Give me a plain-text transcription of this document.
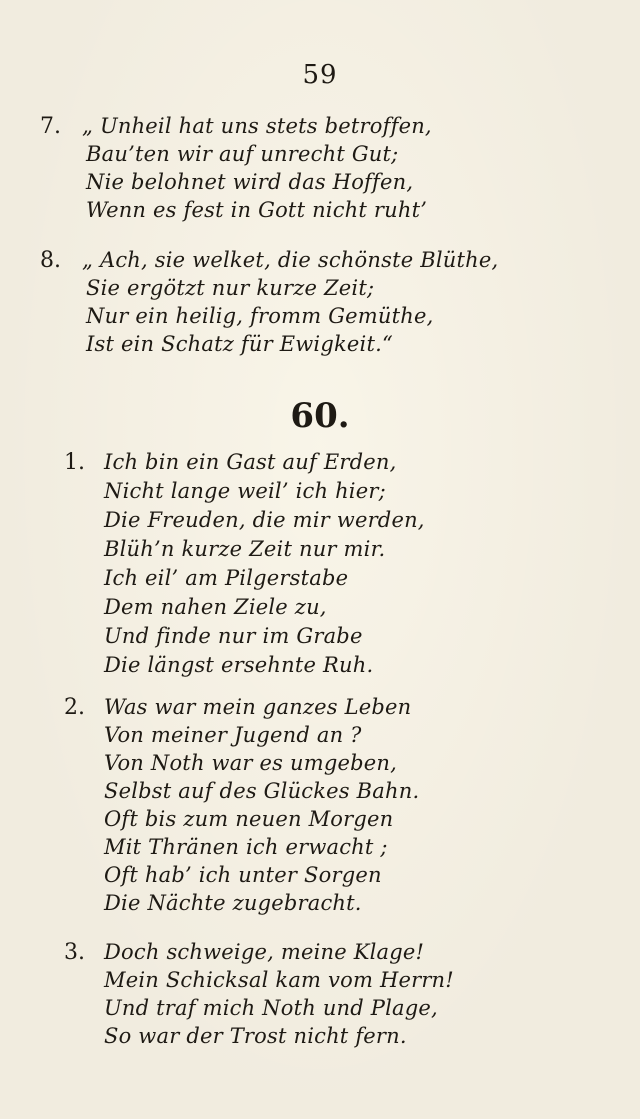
59
7. „ Unheil hat uns stets betroffen,
Bau’ten wir auf unrecht Gut;
Nie belohnet wird das Hoffen,
Wenn es fest in Gott nicht ruht’
8. „ Ach, sie welket, die schönste Blüthe,
Sie ergötzt nur kurze Zeit;
Nur ein heilig, fromm Gemüthe,
Ist ein Schatz für Ewigkeit.“
60.
1. Ich bin ein Gast auf Erden,
Nicht lange weil’ ich hier;
Die Freuden, die mir werden,
Blüh’n kurze Zeit nur mir.
Ich eil’ am Pilgerstabe
Dem nahen Ziele zu,
Und finde nur im Grabe
Die längst ersehnte Ruh.
2. Was war mein ganzes Leben
Von meiner Jugend an ?
Von Noth war es umgeben,
Selbst auf des Glückes Bahn.
Oft bis zum neuen Morgen
Mit Thränen ich erwacht ;
Oft hab’ ich unter Sorgen
Die Nächte zugebracht.
3. Doch schweige, meine Klage!
Mein Schicksal kam vom Herrn!
Und traf mich Noth und Plage,
So war der Trost nicht fern.
